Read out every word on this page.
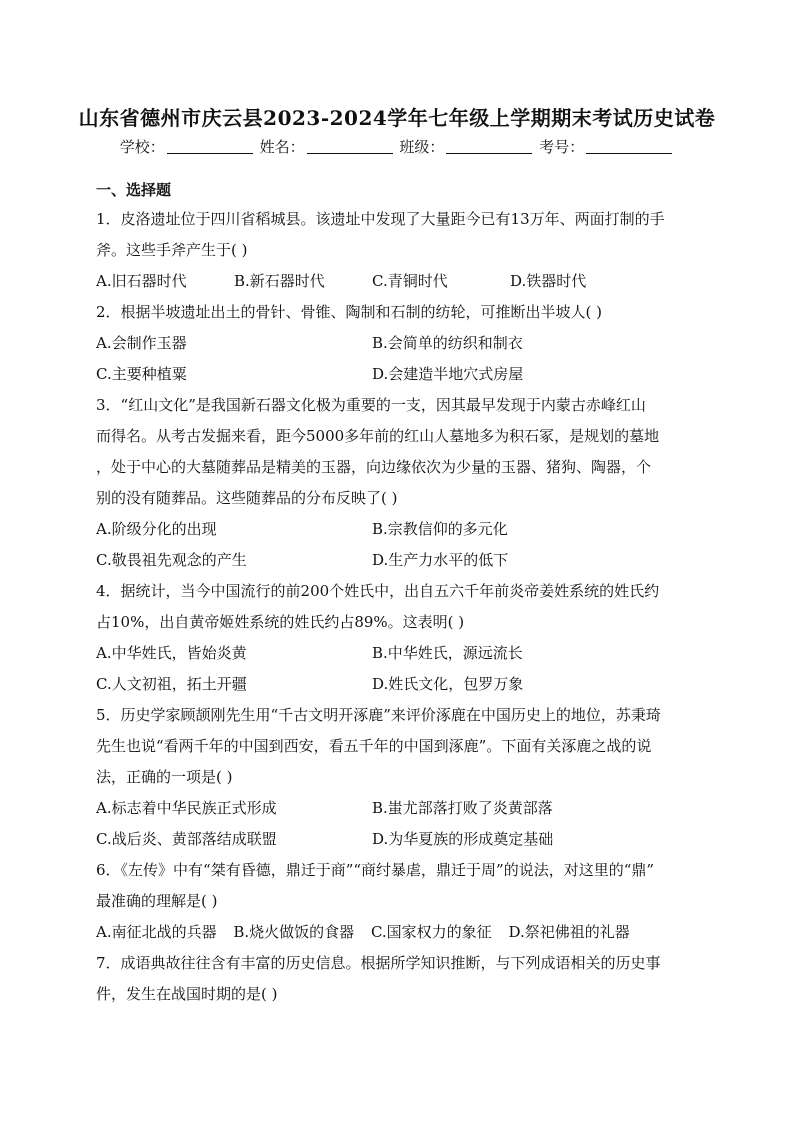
山东省德州市庆云县2023-2024学年七年级上学期期末考试历史试卷
学校：	姓名：	班级：	考号：
一、选择题
1．皮洛遗址位于四川省稻城县。该遗址中发现了大量距今已有13万年、两面打制的手
斧。这些手斧产生于( )
A.旧石器时代	B.新石器时代	C.青铜时代	D.铁器时代
2．根据半坡遗址出土的骨针、骨锥、陶制和石制的纺轮，可推断出半坡人( )
A.会制作玉器	B.会简单的纺织和制衣
C.主要种植粟	D.会建造半地穴式房屋
3．“红山文化”是我国新石器文化极为重要的一支，因其最早发现于内蒙古赤峰红山
而得名。从考古发掘来看，距今5000多年前的红山人墓地多为积石冢，是规划的墓地
，处于中心的大墓随葬品是精美的玉器，向边缘依次为少量的玉器、猪狗、陶器，个
别的没有随葬品。这些随葬品的分布反映了( )
A.阶级分化的出现	B.宗教信仰的多元化
C.敬畏祖先观念的产生	D.生产力水平的低下
4．据统计，当今中国流行的前200个姓氏中，出自五六千年前炎帝姜姓系统的姓氏约
占10%，出自黄帝姬姓系统的姓氏约占89%。这表明( )
A.中华姓氏，皆始炎黄	B.中华姓氏，源远流长
C.人文初祖，拓土开疆	D.姓氏文化，包罗万象
5．历史学家顾颉刚先生用“千古文明开涿鹿”来评价涿鹿在中国历史上的地位，苏秉琦
先生也说“看两千年的中国到西安，看五千年的中国到涿鹿”。下面有关涿鹿之战的说
法，正确的一项是( )
A.标志着中华民族正式形成	B.蚩尤部落打败了炎黄部落
C.战后炎、黄部落结成联盟	D.为华夏族的形成奠定基础
6．《左传》中有“桀有昏德，鼎迁于商”“商纣暴虐，鼎迁于周”的说法，对这里的“鼎”
最准确的理解是( )
A.南征北战的兵器 B.烧火做饭的食器 C.国家权力的象征 D.祭祀佛祖的礼器
7．成语典故往往含有丰富的历史信息。根据所学知识推断，与下列成语相关的历史事
件，发生在战国时期的是( )
